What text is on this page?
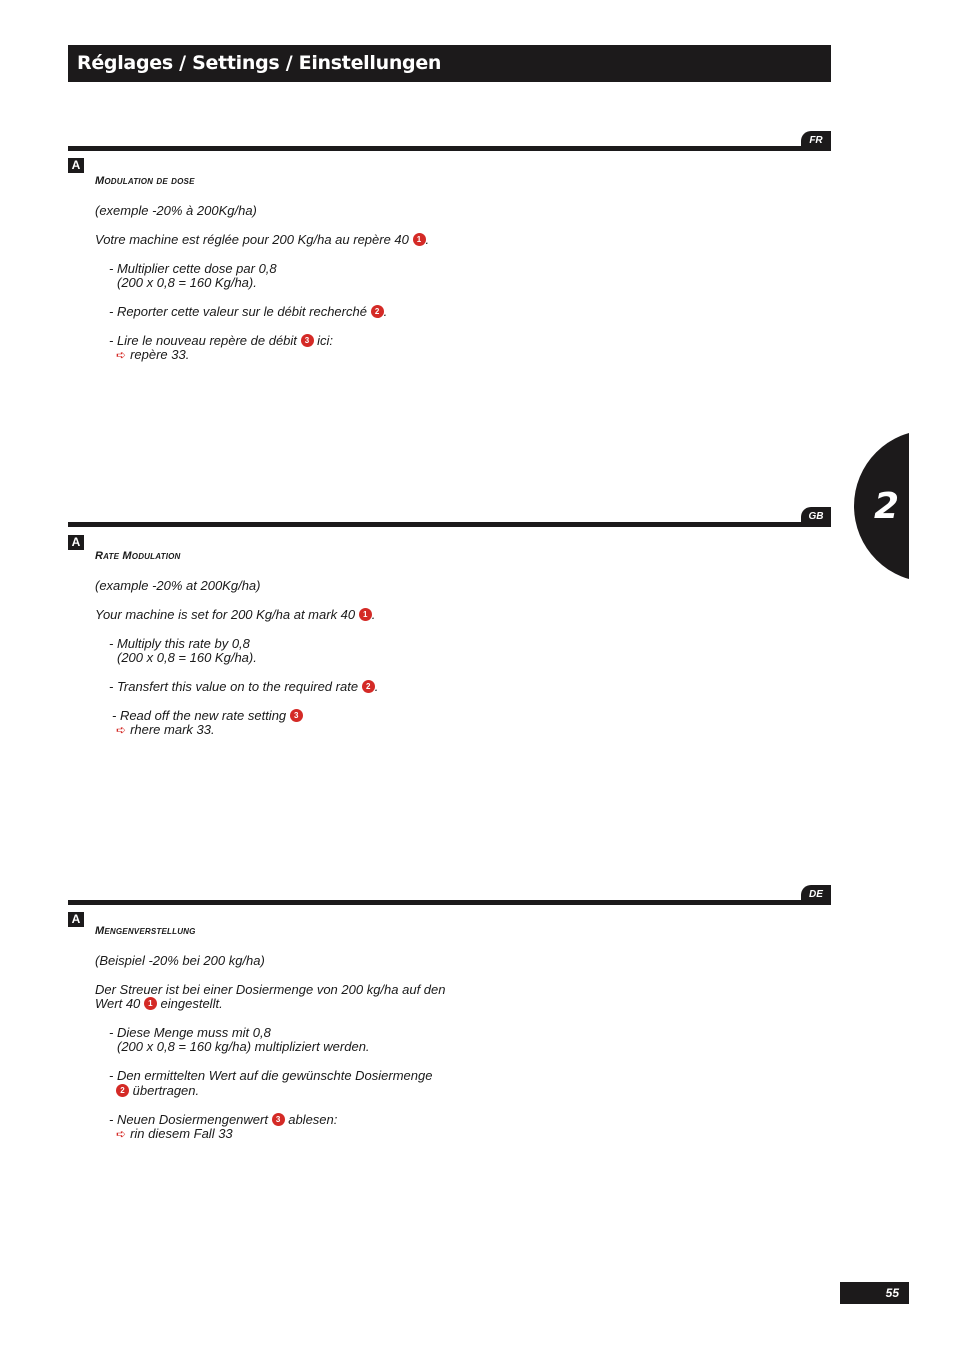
Réglages / Settings / Einstellungen
2
FR
A
Modulation de dose
(exemple -20% à 200Kg/ha)
Votre machine est réglée pour 200 Kg/ha au repère 40 1 .
- Multiplier cette dose par 0,8
(200 x 0,8 = 160 Kg/ha).
- Reporter cette valeur sur le débit recherché 2 .
- Lire le nouveau repère de débit 3 ici:
➪ repère 33.
GB
A
Rate Modulation
(example -20% at 200Kg/ha)
Your machine is set for 200 Kg/ha at mark 40 1 .
- Multiply this rate by 0,8
(200 x 0,8 = 160 Kg/ha).
- Transfert this value on to the required rate 2 .
- Read off the new rate setting 3
➪ rhere mark 33.
DE
A
Mengenverstellung
(Beispiel -20% bei 200 kg/ha)
Der Streuer ist bei einer Dosiermenge von 200 kg/ha auf den
Wert 40 1 eingestellt.
- Diese Menge muss mit 0,8
(200 x 0,8 = 160 kg/ha) multipliziert werden.
- Den ermittelten Wert auf die gewünschte Dosiermenge
2 übertragen.
- Neuen Dosiermengenwert 3 ablesen:
➪ rin diesem Fall 33
55
